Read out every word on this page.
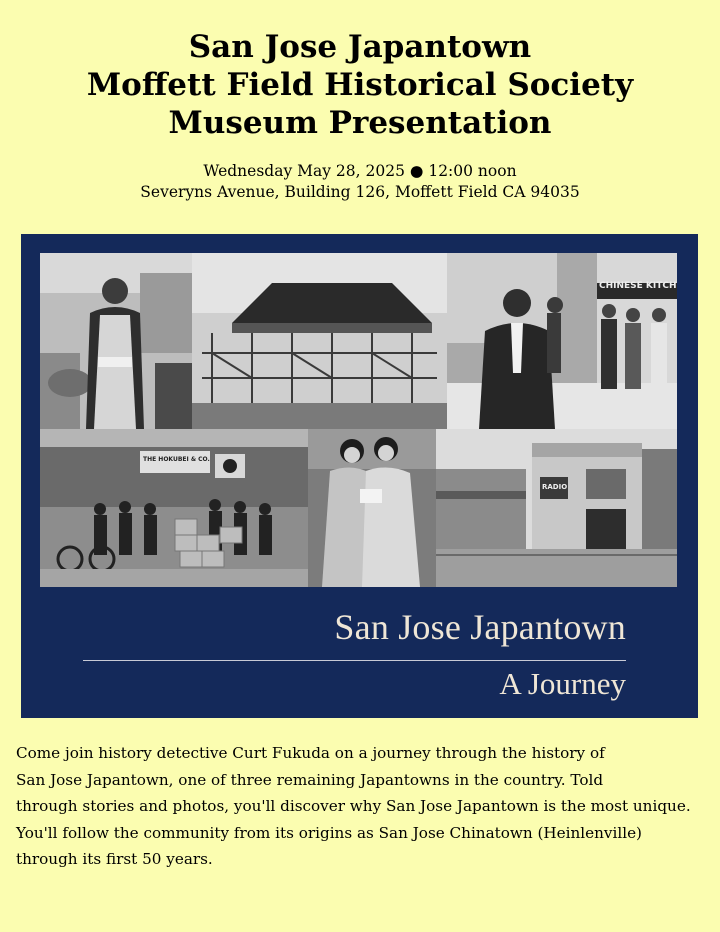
San Jose Japantown
Moffett Field Historical Society
Museum Presentation
Wednesday May 28, 2025 ● 12:00 noon
Severyns Avenue, Building 126, Moffett Field CA 94035
CHINESE KITCH
THE HOKUBEI & CO.
RADIO
San Jose Japantown
A Journey
Come join history detective Curt Fukuda on a journey through the history of
San Jose Japantown, one of three remaining Japantowns in the country. Told
through stories and photos, you'll discover why San Jose Japantown is the most unique.
You'll follow the community from its origins as San Jose Chinatown (Heinlenville)
through its first 50 years.
